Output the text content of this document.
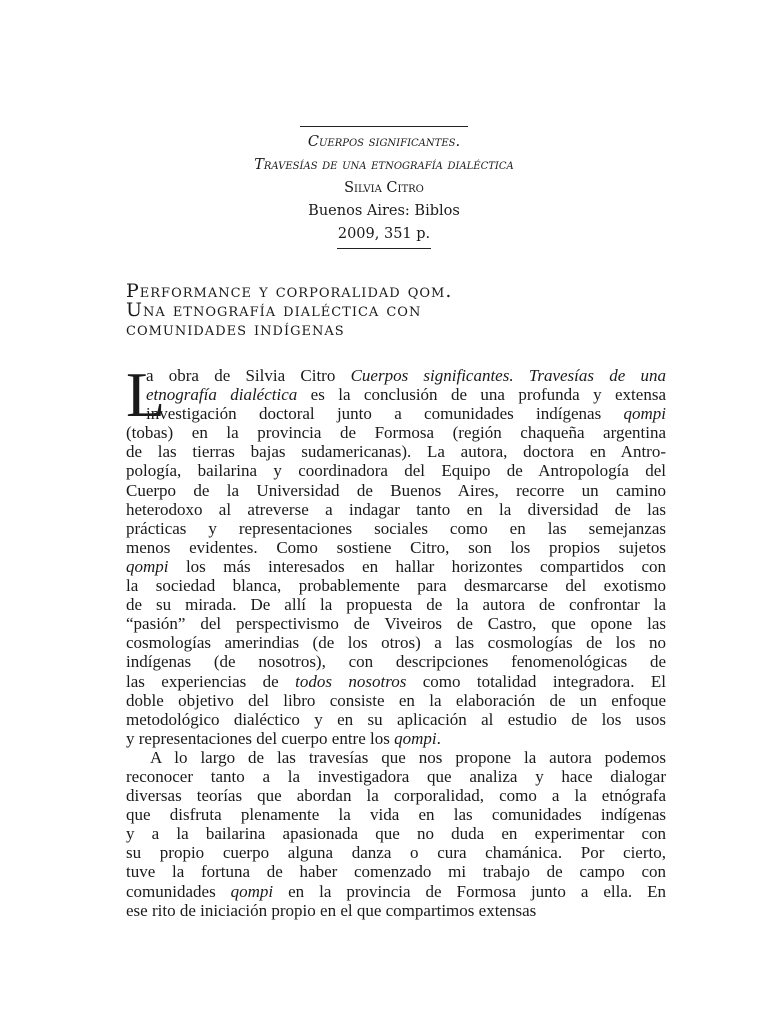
Cuerpos significantes.
Travesías de una etnografía dialéctica
Silvia Citro
Buenos Aires: Biblos
2009, 351 p.
Performance y corporalidad qom.
Una etnografía dialéctica con
comunidades indígenas
L

a obra de Silvia Citro Cuerpos significantes. Travesías de una
etnografía dialéctica es la conclusión de una profunda y extensa
investigación doctoral junto a comunidades indígenas qompi
(tobas) en la provincia de Formosa (región chaqueña argentina
de las tierras bajas sudamericanas). La autora, doctora en Antro-
pología, bailarina y coordinadora del Equipo de Antropología del
Cuerpo de la Universidad de Buenos Aires, recorre un camino
heterodoxo al atreverse a indagar tanto en la diversidad de las
prácticas y representaciones sociales como en las semejanzas
menos evidentes. Como sostiene Citro, son los propios sujetos
qompi los más interesados en hallar horizontes compartidos con
la sociedad blanca, probablemente para desmarcarse del exotismo
de su mirada. De allí la propuesta de la autora de confrontar la
“pasión” del perspectivismo de Viveiros de Castro, que opone las
cosmologías amerindias (de los otros) a las cosmologías de los no
indígenas (de nosotros), con descripciones fenomenológicas de
las experiencias de todos nosotros como totalidad integradora. El
doble objetivo del libro consiste en la elaboración de un enfoque
metodológico dialéctico y en su aplicación al estudio de los usos
y representaciones del cuerpo entre los qompi.

A lo largo de las travesías que nos propone la autora podemos
reconocer tanto a la investigadora que analiza y hace dialogar
diversas teorías que abordan la corporalidad, como a la etnógrafa
que disfruta plenamente la vida en las comunidades indígenas
y a la bailarina apasionada que no duda en experimentar con
su propio cuerpo alguna danza o cura chamánica. Por cierto,
tuve la fortuna de haber comenzado mi trabajo de campo con
comunidades qompi en la provincia de Formosa junto a ella. En
ese rito de iniciación propio en el que compartimos extensas
